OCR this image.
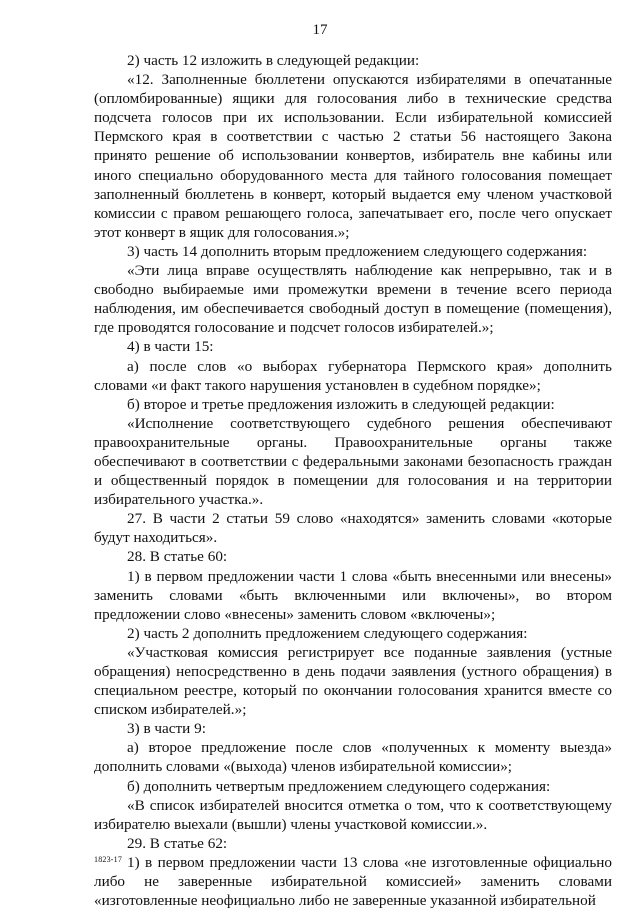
17

2) часть 12 изложить в следующей редакции:

«12. Заполненные бюллетени опускаются избирателями в опечатанные (опломбированные) ящики для голосования либо в технические средства подсчета голосов при их использовании. Если избирательной комиссией Пермского края в соответствии с частью 2 статьи 56 настоящего Закона принято решение об использовании конвертов, избиратель вне кабины или иного специально оборудованного места для тайного голосования помещает заполненный бюллетень в конверт, который выдается ему членом участковой комиссии с правом решающего голоса, запечатывает его, после чего опускает этот конверт в ящик для голосования.»;

3) часть 14 дополнить вторым предложением следующего содержания:

«Эти лица вправе осуществлять наблюдение как непрерывно, так и в свободно выбираемые ими промежутки времени в течение всего периода наблюдения, им обеспечивается свободный доступ в помещение (помещения), где проводятся голосование и подсчет голосов избирателей.»;

4) в части 15:

а) после слов «о выборах губернатора Пермского края» дополнить словами «и факт такого нарушения установлен в судебном порядке»;

б) второе и третье предложения изложить в следующей редакции:

«Исполнение соответствующего судебного решения обеспечивают правоохранительные органы. Правоохранительные органы также обеспечивают в соответствии с федеральными законами безопасность граждан и общественный порядок в помещении для голосования и на территории избирательного участка.».

27. В части 2 статьи 59 слово «находятся» заменить словами «которые будут находиться».

28. В статье 60:

1) в первом предложении части 1 слова «быть внесенными или внесены» заменить словами «быть включенными или включены», во втором предложении слово «внесены» заменить словом «включены»;

2) часть 2 дополнить предложением следующего содержания:

«Участковая комиссия регистрирует все поданные заявления (устные обращения) непосредственно в день подачи заявления (устного обращения) в специальном реестре, который по окончании голосования хранится вместе со списком избирателей.»;

3) в части 9:

а) второе предложение после слов «полученных к моменту выезда» дополнить словами «(выхода) членов избирательной комиссии»;

б) дополнить четвертым предложением следующего содержания:

«В список избирателей вносится отметка о том, что к соответствующему избирателю выехали (вышли) члены участковой комиссии.».

29. В статье 62:

1) в первом предложении части 13 слова «не изготовленные официально либо не заверенные избирательной комиссией» заменить словами «изготовленные неофициально либо не заверенные указанной избирательной

1823-17
